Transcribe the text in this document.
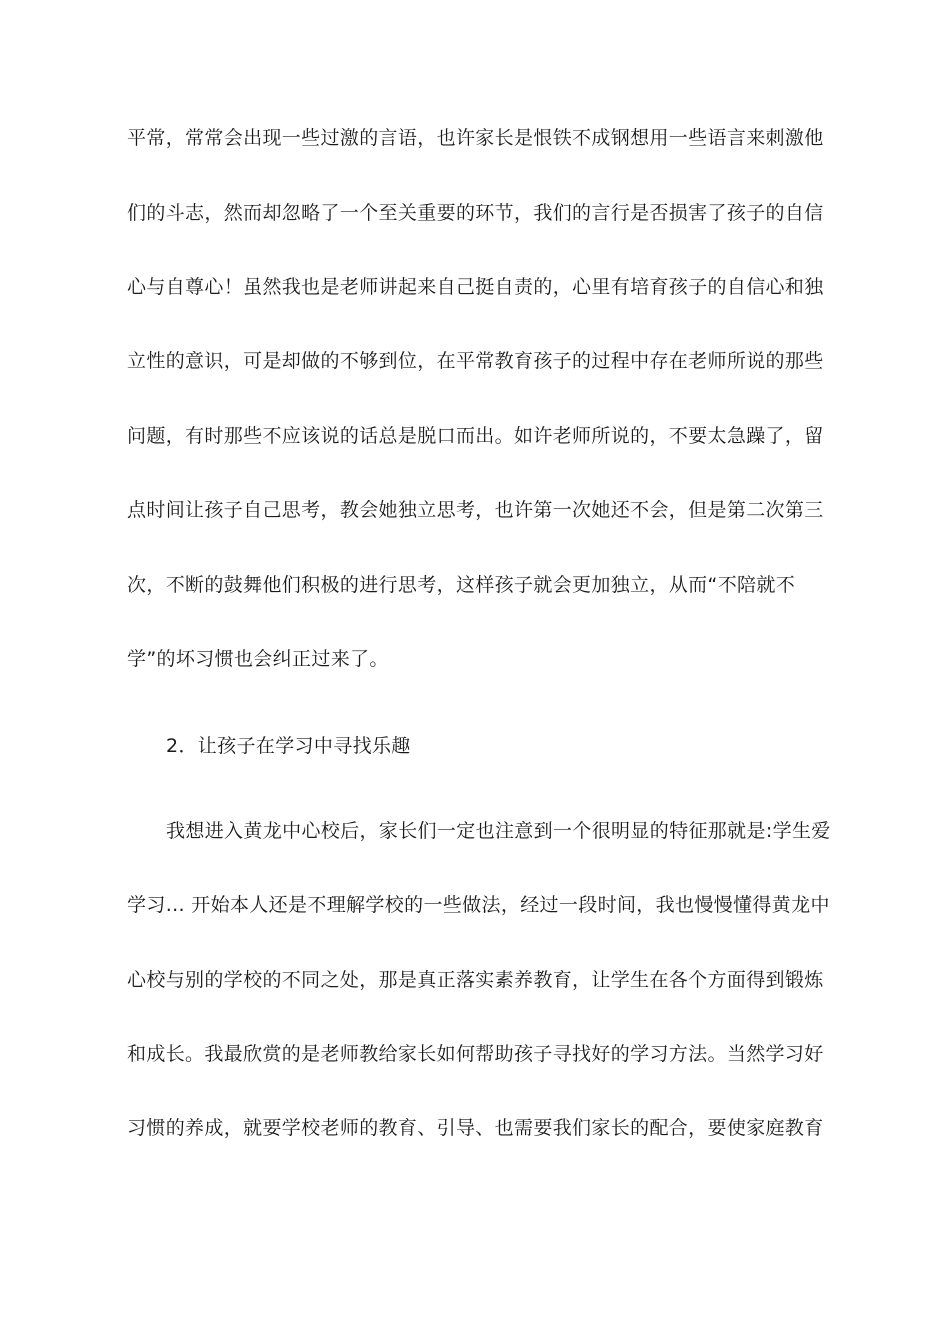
平常，常常会出现一些过激的言语，也许家长是恨铁不成钢想用一些语言来刺激他
们的斗志，然而却忽略了一个至关重要的环节，我们的言行是否损害了孩子的自信
心与自尊心！虽然我也是老师讲起来自己挺自责的，心里有培育孩子的自信心和独
立性的意识，可是却做的不够到位，在平常教育孩子的过程中存在老师所说的那些
问题，有时那些不应该说的话总是脱口而出。如许老师所说的，不要太急躁了，留
点时间让孩子自己思考，教会她独立思考，也许第一次她还不会，但是第二次第三
次，不断的鼓舞他们积极的进行思考，这样孩子就会更加独立，从而“不陪就不
学”的坏习惯也会纠正过来了。
2．让孩子在学习中寻找乐趣
我想进入黄龙中心校后，家长们一定也注意到一个很明显的特征那就是:学生爱
学习... 开始本人还是不理解学校的一些做法，经过一段时间，我也慢慢懂得黄龙中
心校与别的学校的不同之处，那是真正落实素养教育，让学生在各个方面得到锻炼
和成长。我最欣赏的是老师教给家长如何帮助孩子寻找好的学习方法。当然学习好
习惯的养成，就要学校老师的教育、引导、也需要我们家长的配合，要使家庭教育
